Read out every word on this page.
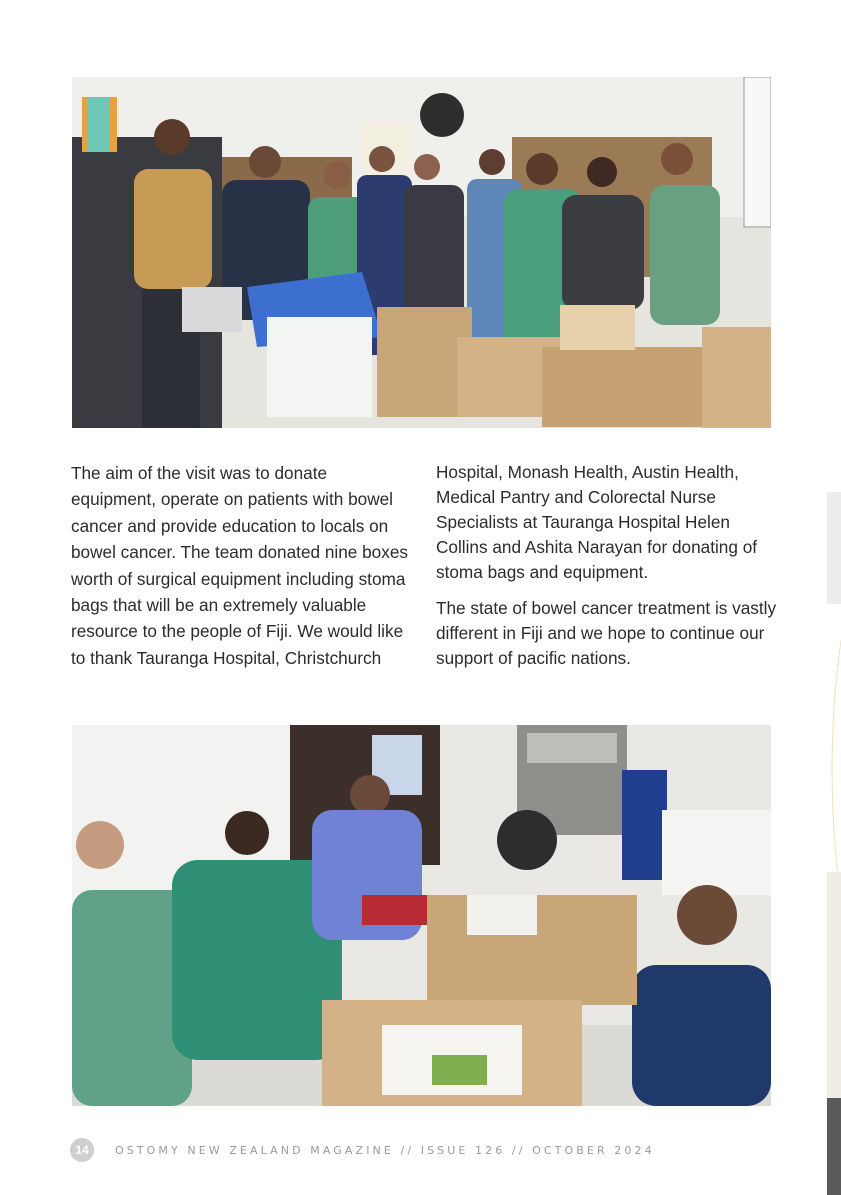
The aim of the visit was to donate equipment, operate on patients with bowel cancer and provide education to locals on bowel cancer. The team donated nine boxes worth of surgical equipment including stoma bags that will be an extremely valuable resource to the people of Fiji. We would like to thank Tauranga Hospital, Christchurch

Hospital, Monash Health, Austin Health, Medical Pantry and Colorectal Nurse Specialists at Tauranga Hospital Helen Collins and Ashita Narayan for donating of stoma bags and equipment.

The state of bowel cancer treatment is vastly different in Fiji and we hope to continue our support of pacific nations.

14	OSTOMY NEW ZEALAND MAGAZINE // ISSUE 126 // OCTOBER 2024
